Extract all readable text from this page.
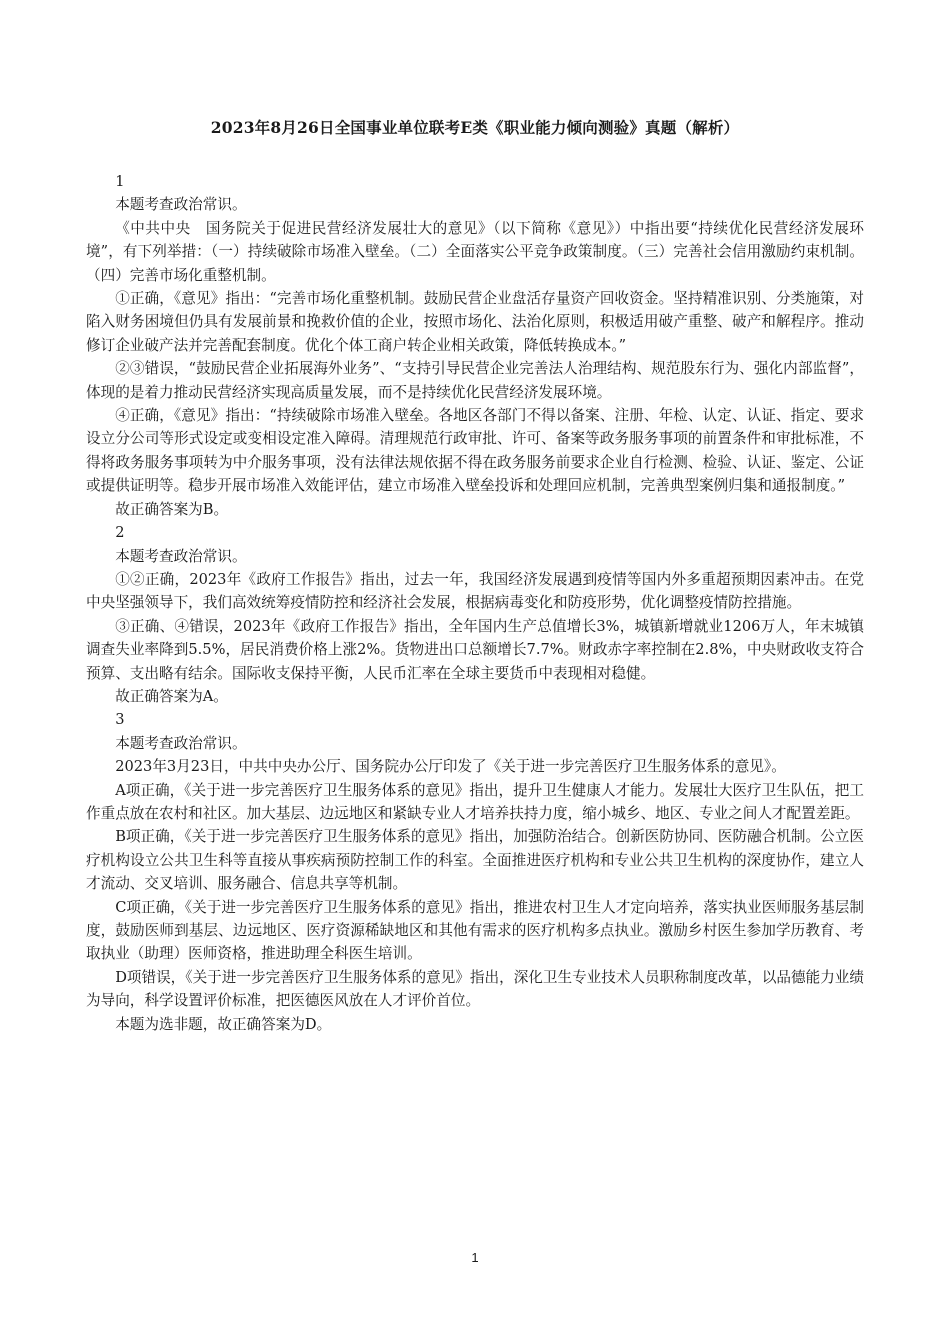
2023年8月26日全国事业单位联考E类《职业能力倾向测验》真题（解析）

1

本题考查政治常识。

《中共中央　国务院关于促进民营经济发展壮大的意见》（以下简称《意见》）中指出要“持续优化民营经济发展环境”，有下列举措：（一）持续破除市场准入壁垒。（二）全面落实公平竞争政策制度。（三）完善社会信用激励约束机制。（四）完善市场化重整机制。

①正确，《意见》指出：“完善市场化重整机制。鼓励民营企业盘活存量资产回收资金。坚持精准识别、分类施策，对陷入财务困境但仍具有发展前景和挽救价值的企业，按照市场化、法治化原则，积极适用破产重整、破产和解程序。推动修订企业破产法并完善配套制度。优化个体工商户转企业相关政策，降低转换成本。”

②③错误，“鼓励民营企业拓展海外业务”、“支持引导民营企业完善法人治理结构、规范股东行为、强化内部监督”，体现的是着力推动民营经济实现高质量发展，而不是持续优化民营经济发展环境。

④正确，《意见》指出：“持续破除市场准入壁垒。各地区各部门不得以备案、注册、年检、认定、认证、指定、要求设立分公司等形式设定或变相设定准入障碍。清理规范行政审批、许可、备案等政务服务事项的前置条件和审批标准，不得将政务服务事项转为中介服务事项，没有法律法规依据不得在政务服务前要求企业自行检测、检验、认证、鉴定、公证或提供证明等。稳步开展市场准入效能评估，建立市场准入壁垒投诉和处理回应机制，完善典型案例归集和通报制度。”

故正确答案为B。

2

本题考查政治常识。

①②正确，2023年《政府工作报告》指出，过去一年，我国经济发展遇到疫情等国内外多重超预期因素冲击。在党中央坚强领导下，我们高效统筹疫情防控和经济社会发展，根据病毒变化和防疫形势，优化调整疫情防控措施。

③正确、④错误，2023年《政府工作报告》指出，全年国内生产总值增长3%，城镇新增就业1206万人，年末城镇调查失业率降到5.5%，居民消费价格上涨2%。货物进出口总额增长7.7%。财政赤字率控制在2.8%，中央财政收支符合预算、支出略有结余。国际收支保持平衡，人民币汇率在全球主要货币中表现相对稳健。

故正确答案为A。

3

本题考查政治常识。

2023年3月23日，中共中央办公厅、国务院办公厅印发了《关于进一步完善医疗卫生服务体系的意见》。

A项正确，《关于进一步完善医疗卫生服务体系的意见》指出，提升卫生健康人才能力。发展壮大医疗卫生队伍，把工作重点放在农村和社区。加大基层、边远地区和紧缺专业人才培养扶持力度，缩小城乡、地区、专业之间人才配置差距。

B项正确，《关于进一步完善医疗卫生服务体系的意见》指出，加强防治结合。创新医防协同、医防融合机制。公立医疗机构设立公共卫生科等直接从事疾病预防控制工作的科室。全面推进医疗机构和专业公共卫生机构的深度协作，建立人才流动、交叉培训、服务融合、信息共享等机制。

C项正确，《关于进一步完善医疗卫生服务体系的意见》指出，推进农村卫生人才定向培养，落实执业医师服务基层制度，鼓励医师到基层、边远地区、医疗资源稀缺地区和其他有需求的医疗机构多点执业。激励乡村医生参加学历教育、考取执业（助理）医师资格，推进助理全科医生培训。

D项错误，《关于进一步完善医疗卫生服务体系的意见》指出，深化卫生专业技术人员职称制度改革，以品德能力业绩为导向，科学设置评价标准，把医德医风放在人才评价首位。

本题为选非题，故正确答案为D。

1
